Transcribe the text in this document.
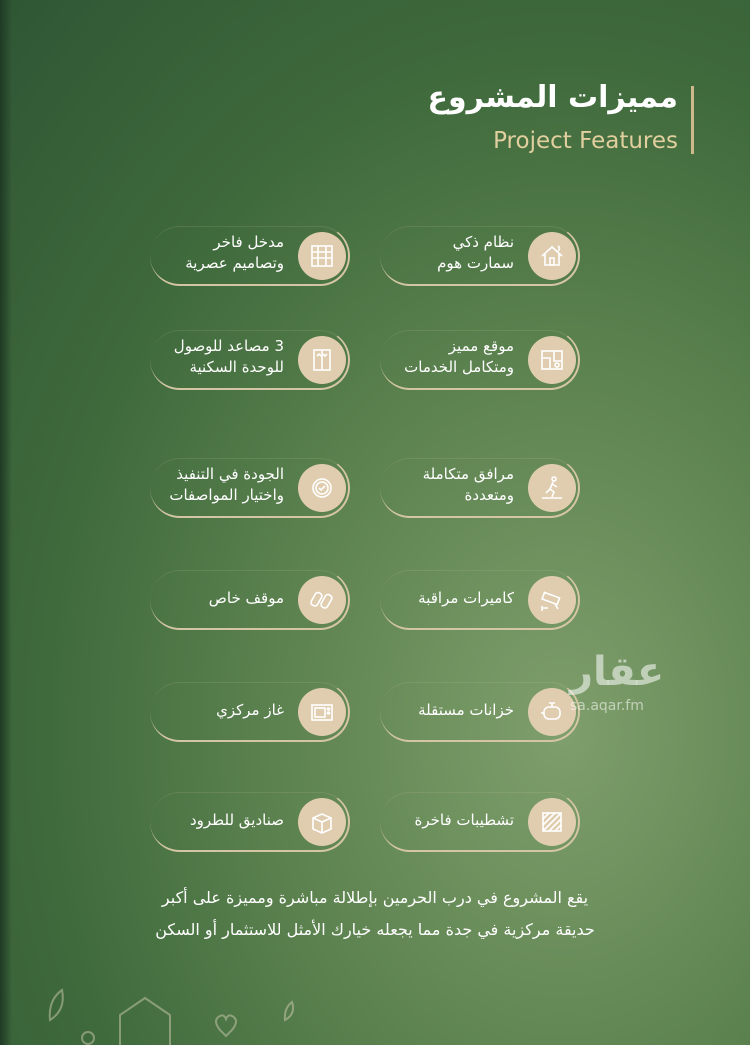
مميزات المشروع
Project Features
نظام ذكي
سمارت هوم
مدخل فاخر
وتصاميم عصرية
موقع مميز
ومتكامل الخدمات
3 مصاعد للوصول
للوحدة السكنية
مرافق متكاملة
ومتعددة
الجودة في التنفيذ
واختيار المواصفات
كاميرات مراقبة
موقف خاص
خزانات مستقلة
غاز مركزي
تشطيبات فاخرة
صناديق للطرود
عقار
sa.aqar.fm
يقع المشروع في درب الحرمين بإطلالة مباشرة ومميزة على أكبر
حديقة مركزية في جدة مما يجعله خيارك الأمثل للاستثمار أو السكن
